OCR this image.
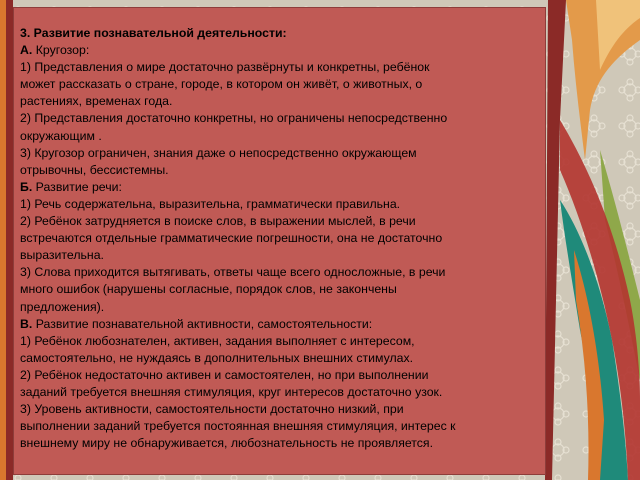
3. Развитие познавательной деятельности:
А. Кругозор:
1) Представления о мире достаточно развёрнуты и конкретны, ребёнок
может рассказать о стране, городе, в котором он живёт, о животных, о
растениях, временах года.
2) Представления достаточно конкретны, но ограничены непосредственно
окружающим .
3) Кругозор ограничен, знания даже о непосредственно окружающем
отрывочны, бессистемны.
Б. Развитие речи:
1) Речь содержательна, выразительна, грамматически правильна.
2) Ребёнок затрудняется в поиске слов, в выражении мыслей, в речи
встречаются отдельные грамматические погрешности, она не достаточно
выразительна.
3) Слова приходится вытягивать, ответы чаще всего односложные, в речи
много ошибок (нарушены согласные, порядок слов, не закончены
предложения).
В. Развитие познавательной активности, самостоятельности:
1) Ребёнок любознателен, активен, задания выполняет с интересом,
самостоятельно, не нуждаясь в дополнительных внешних стимулах.
2) Ребёнок недостаточно активен и самостоятелен, но при выполнении
заданий требуется внешняя стимуляция, круг интересов достаточно узок.
3) Уровень активности, самостоятельности достаточно низкий, при
выполнении заданий требуется постоянная внешняя стимуляция, интерес к
внешнему миру не обнаруживается, любознательность не проявляется.
